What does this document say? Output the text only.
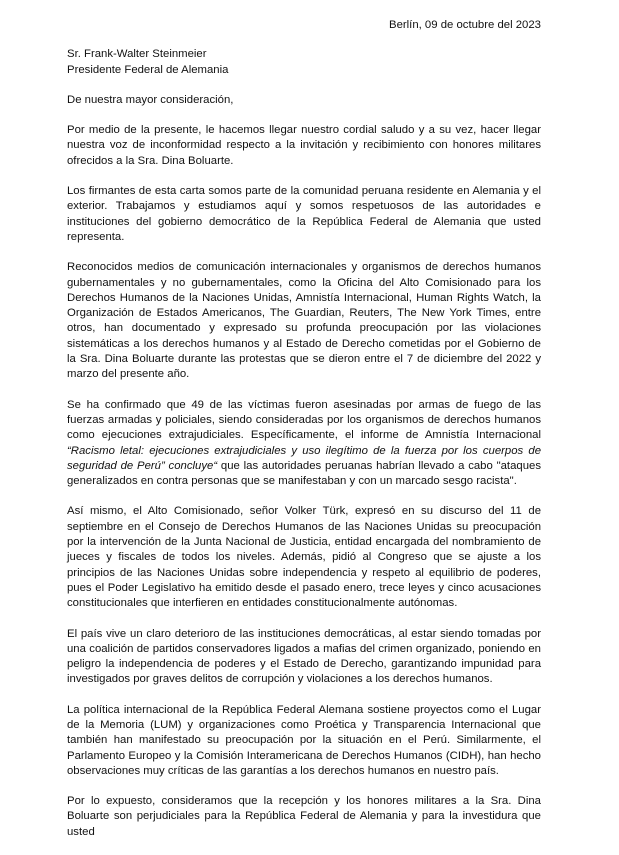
Berlín, 09 de octubre del 2023

Sr. Frank-Walter Steinmeier
Presidente Federal de Alemania

De nuestra mayor consideración,

Por medio de la presente, le hacemos llegar nuestro cordial saludo y a su vez, hacer llegar nuestra voz de inconformidad respecto a la invitación y recibimiento con honores militares ofrecidos a la Sra. Dina Boluarte.

Los firmantes de esta carta somos parte de la comunidad peruana residente en Alemania y el exterior. Trabajamos y estudiamos aquí y somos respetuosos de las autoridades e instituciones del gobierno democrático de la República Federal de Alemania que usted representa.

Reconocidos medios de comunicación internacionales y organismos de derechos humanos gubernamentales y no gubernamentales, como la Oficina del Alto Comisionado para los Derechos Humanos de la Naciones Unidas, Amnistía Internacional, Human Rights Watch, la Organización de Estados Americanos, The Guardian, Reuters, The New York Times, entre otros, han documentado y expresado su profunda preocupación por las violaciones sistemáticas a los derechos humanos y al Estado de Derecho cometidas por el Gobierno de la Sra. Dina Boluarte durante las protestas que se dieron entre el 7 de diciembre del 2022 y marzo del presente año.

Se ha confirmado que 49 de las víctimas fueron asesinadas por armas de fuego de las fuerzas armadas y policiales, siendo consideradas por los organismos de derechos humanos como ejecuciones extrajudiciales. Específicamente, el informe de Amnistía Internacional “Racismo letal: ejecuciones extrajudiciales y uso ilegítimo de la fuerza por los cuerpos de seguridad de Perú” concluye“ que las autoridades peruanas habrían llevado a cabo "ataques generalizados en contra personas que se manifestaban y con un marcado sesgo racista".

Así mismo, el Alto Comisionado, señor Volker Türk, expresó en su discurso del 11 de septiembre en el Consejo de Derechos Humanos de las Naciones Unidas su preocupación por la intervención de la Junta Nacional de Justicia, entidad encargada del nombramiento de jueces y fiscales de todos los niveles. Además, pidió al Congreso que se ajuste a los principios de las Naciones Unidas sobre independencia y respeto al equilibrio de poderes, pues el Poder Legislativo ha emitido desde el pasado enero, trece leyes y cinco acusaciones constitucionales que interfieren en entidades constitucionalmente autónomas.

El país vive un claro deterioro de las instituciones democráticas, al estar siendo tomadas por una coalición de partidos conservadores ligados a mafias del crimen organizado, poniendo en peligro la independencia de poderes y el Estado de Derecho, garantizando impunidad para investigados por graves delitos de corrupción y violaciones a los derechos humanos.

La política internacional de la República Federal Alemana sostiene proyectos como el Lugar de la Memoria (LUM) y organizaciones como Proética y Transparencia Internacional que también han manifestado su preocupación por la situación en el Perú. Similarmente, el Parlamento Europeo y la Comisión Interamericana de Derechos Humanos (CIDH), han hecho observaciones muy críticas de las garantías a los derechos humanos en nuestro país.

Por lo expuesto, consideramos que la recepción y los honores militares a la Sra. Dina Boluarte son perjudiciales para la República Federal de Alemania y para la investidura que usted
